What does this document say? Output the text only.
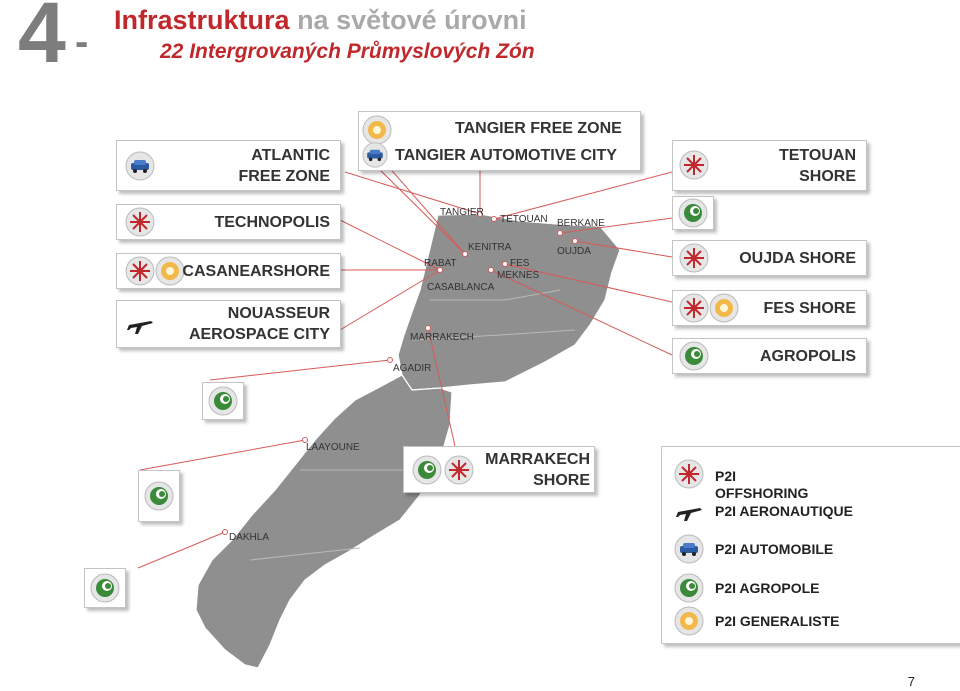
4 - Infrastruktura na světové úrovni
22 Intergrovaných Průmyslových Zón
TANGIER
TETOUAN BERKANE
KENITRA	OUJDA
RABAT	FES
MEKNES
CASABLANCA
MARRAKECH
AGADIR
LAAYOUNE
DAKHLA
TANGIER FREE ZONE
TANGIER AUTOMOTIVE CITY
ATLANTIC
FREE ZONE
TECHNOPOLIS
CASANEARSHORE
NOUASSEUR
AEROSPACE CITY
TETOUAN
SHORE
OUJDA SHORE
FES SHORE
AGROPOLIS
MARRAKECH
SHORE	P2I
OFFSHORING
P2I AERONAUTIQUE
P2I AUTOMOBILE
P2I AGROPOLE
P2I GENERALISTE
7
